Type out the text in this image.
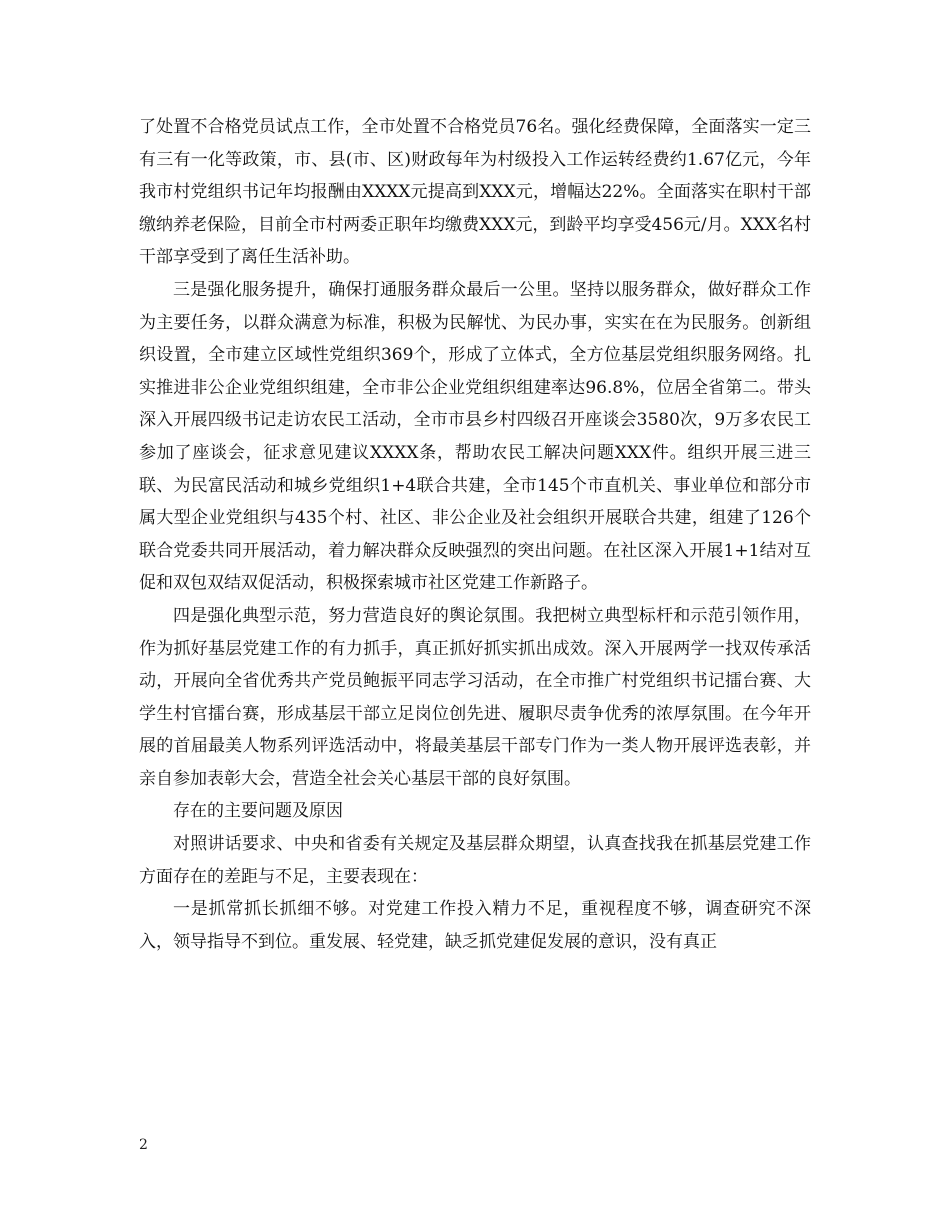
了处置不合格党员试点工作，全市处置不合格党员76名。强化经费保障，全面落实一定三有三有一化等政策，市、县(市、区)财政每年为村级投入工作运转经费约1.67亿元，今年我市村党组织书记年均报酬由XXXX元提高到XXX元，增幅达22%。全面落实在职村干部缴纳养老保险，目前全市村两委正职年均缴费XXX元，到龄平均享受456元/月。XXX名村干部享受到了离任生活补助。

三是强化服务提升，确保打通服务群众最后一公里。坚持以服务群众，做好群众工作为主要任务，以群众满意为标准，积极为民解忧、为民办事，实实在在为民服务。创新组织设置，全市建立区域性党组织369个，形成了立体式，全方位基层党组织服务网络。扎实推进非公企业党组织组建，全市非公企业党组织组建率达96.8%，位居全省第二。带头深入开展四级书记走访农民工活动，全市市县乡村四级召开座谈会3580次，9万多农民工参加了座谈会，征求意见建议XXXX条，帮助农民工解决问题XXX件。组织开展三进三联、为民富民活动和城乡党组织1+4联合共建，全市145个市直机关、事业单位和部分市属大型企业党组织与435个村、社区、非公企业及社会组织开展联合共建，组建了126个联合党委共同开展活动，着力解决群众反映强烈的突出问题。在社区深入开展1+1结对互促和双包双结双促活动，积极探索城市社区党建工作新路子。

四是强化典型示范，努力营造良好的舆论氛围。我把树立典型标杆和示范引领作用，作为抓好基层党建工作的有力抓手，真正抓好抓实抓出成效。深入开展两学一找双传承活动，开展向全省优秀共产党员鲍振平同志学习活动，在全市推广村党组织书记擂台赛、大学生村官擂台赛，形成基层干部立足岗位创先进、履职尽责争优秀的浓厚氛围。在今年开展的首届最美人物系列评选活动中，将最美基层干部专门作为一类人物开展评选表彰，并亲自参加表彰大会，营造全社会关心基层干部的良好氛围。

存在的主要问题及原因

对照讲话要求、中央和省委有关规定及基层群众期望，认真查找我在抓基层党建工作方面存在的差距与不足，主要表现在：

一是抓常抓长抓细不够。对党建工作投入精力不足，重视程度不够，调查研究不深入，领导指导不到位。重发展、轻党建，缺乏抓党建促发展的意识，没有真正

2
